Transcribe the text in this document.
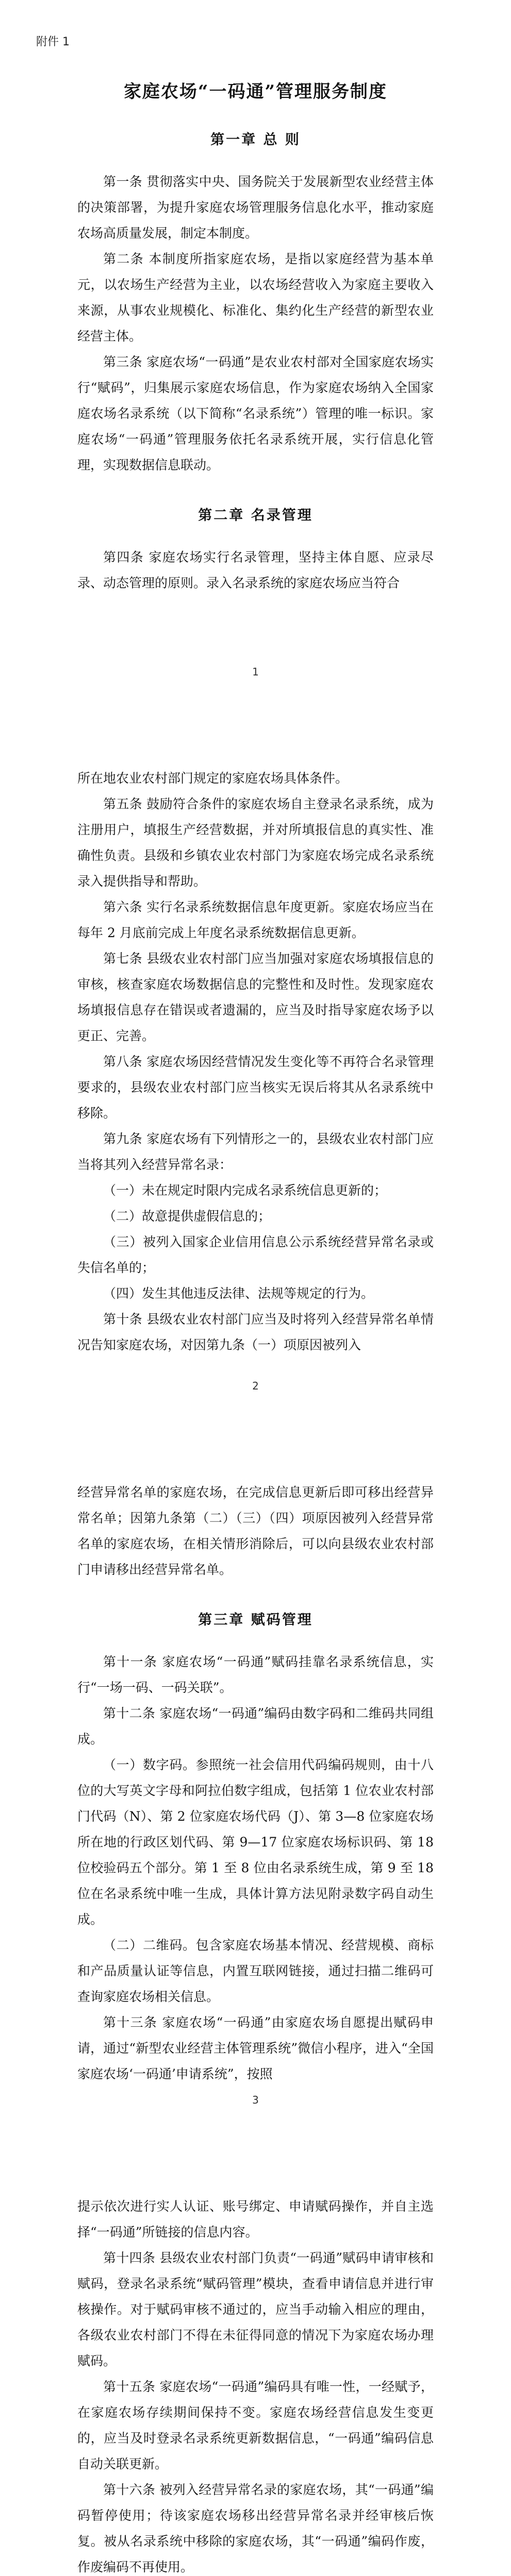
附件 1
家庭农场“一码通”管理服务制度
第一章 总 则

第一条 贯彻落实中央、国务院关于发展新型农业经营主体的决策部署，为提升家庭农场管理服务信息化水平，推动家庭农场高质量发展，制定本制度。

第二条 本制度所指家庭农场，是指以家庭经营为基本单元，以农场生产经营为主业，以农场经营收入为家庭主要收入来源，从事农业规模化、标准化、集约化生产经营的新型农业经营主体。

第三条 家庭农场“一码通”是农业农村部对全国家庭农场实行“赋码”，归集展示家庭农场信息，作为家庭农场纳入全国家庭农场名录系统（以下简称“名录系统”）管理的唯一标识。家庭农场“一码通”管理服务依托名录系统开展，实行信息化管理，实现数据信息联动。

第二章 名录管理

第四条 家庭农场实行名录管理，坚持主体自愿、应录尽录、动态管理的原则。录入名录系统的家庭农场应当符合

1

所在地农业农村部门规定的家庭农场具体条件。

第五条 鼓励符合条件的家庭农场自主登录名录系统，成为注册用户，填报生产经营数据，并对所填报信息的真实性、准确性负责。县级和乡镇农业农村部门为家庭农场完成名录系统录入提供指导和帮助。

第六条 实行名录系统数据信息年度更新。家庭农场应当在每年 2 月底前完成上年度名录系统数据信息更新。

第七条 县级农业农村部门应当加强对家庭农场填报信息的审核，核查家庭农场数据信息的完整性和及时性。发现家庭农场填报信息存在错误或者遗漏的，应当及时指导家庭农场予以更正、完善。

第八条 家庭农场因经营情况发生变化等不再符合名录管理要求的，县级农业农村部门应当核实无误后将其从名录系统中移除。

第九条 家庭农场有下列情形之一的，县级农业农村部门应当将其列入经营异常名录：

（一）未在规定时限内完成名录系统信息更新的；

（二）故意提供虚假信息的；

（三）被列入国家企业信用信息公示系统经营异常名录或失信名单的；

（四）发生其他违反法律、法规等规定的行为。

第十条 县级农业农村部门应当及时将列入经营异常名单情况告知家庭农场，对因第九条（一）项原因被列入

2

经营异常名单的家庭农场，在完成信息更新后即可移出经营异常名单；因第九条第（二）（三）（四）项原因被列入经营异常名单的家庭农场，在相关情形消除后，可以向县级农业农村部门申请移出经营异常名单。

第三章 赋码管理

第十一条 家庭农场“一码通”赋码挂靠名录系统信息，实行“一场一码、一码关联”。

第十二条 家庭农场“一码通”编码由数字码和二维码共同组成。

（一）数字码。参照统一社会信用代码编码规则，由十八位的大写英文字母和阿拉伯数字组成，包括第 1 位农业农村部门代码（N）、第 2 位家庭农场代码（J）、第 3—8 位家庭农场所在地的行政区划代码、第 9—17 位家庭农场标识码、第 18 位校验码五个部分。第 1 至 8 位由名录系统生成，第 9 至 18 位在名录系统中唯一生成，具体计算方法见附录数字码自动生成。

（二）二维码。包含家庭农场基本情况、经营规模、商标和产品质量认证等信息，内置互联网链接，通过扫描二维码可查询家庭农场相关信息。

第十三条 家庭农场“一码通”由家庭农场自愿提出赋码申请，通过“新型农业经营主体管理系统”微信小程序，进入“全国家庭农场‘一码通’申请系统”，按照

3

提示依次进行实人认证、账号绑定、申请赋码操作，并自主选择“一码通”所链接的信息内容。

第十四条 县级农业农村部门负责“一码通”赋码申请审核和赋码，登录名录系统“赋码管理”模块，查看申请信息并进行审核操作。对于赋码审核不通过的，应当手动输入相应的理由，各级农业农村部门不得在未征得同意的情况下为家庭农场办理赋码。

第十五条 家庭农场“一码通”编码具有唯一性，一经赋予，在家庭农场存续期间保持不变。家庭农场经营信息发生变更的，应当及时登录名录系统更新数据信息，“一码通”编码信息自动关联更新。

第十六条 被列入经营异常名录的家庭农场，其“一码通”编码暂停使用；待该家庭农场移出经营异常名录并经审核后恢复。被从名录系统中移除的家庭农场，其“一码通”编码作废，作废编码不再使用。
